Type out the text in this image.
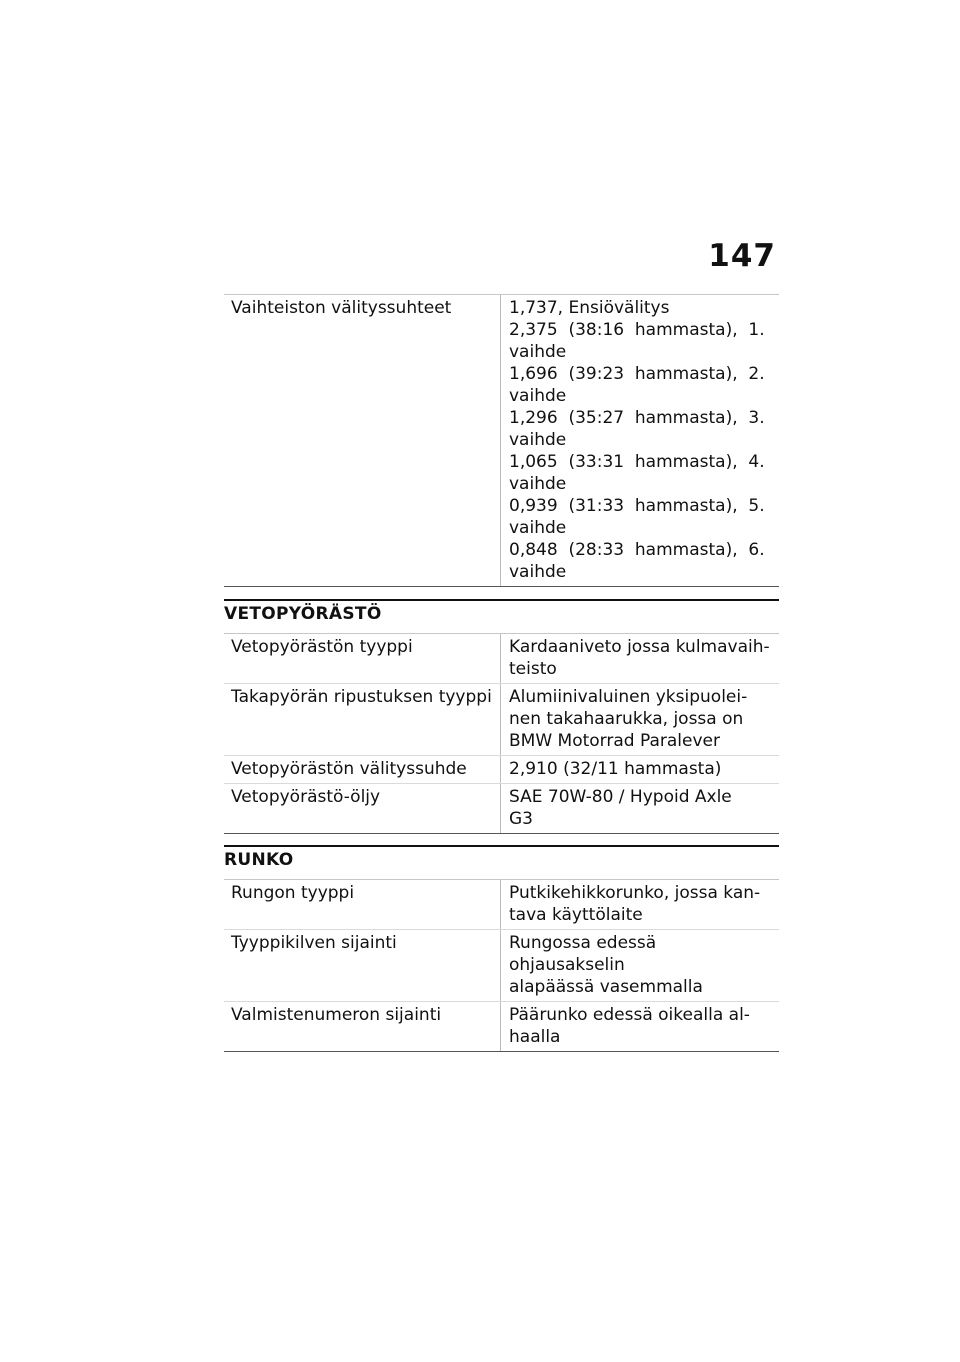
147
Vaihteiston välityssuhteet	1,737, Ensiövälitys
2,375  (38:16  hammasta),  1.
vaihde
1,696  (39:23  hammasta),  2.
vaihde
1,296  (35:27  hammasta),  3.
vaihde
1,065  (33:31  hammasta),  4.
vaihde
0,939  (31:33  hammasta),  5.
vaihde
0,848  (28:33  hammasta),  6.
vaihde
VETOPYÖRÄSTÖ
Vetopyörästön tyyppi	Kardaaniveto jossa kulmavaih-
teisto
Takapyörän ripustuksen tyyppi	Alumiinivaluinen yksipuolei-
nen takahaarukka, jossa on
BMW Motorrad Paralever
Vetopyörästön välityssuhde	2,910 (32/11 hammasta)
Vetopyörästö-öljy	SAE 70W-80 / Hypoid Axle
G3
RUNKO
Rungon tyyppi	Putkikehikkorunko, jossa kan-
tava käyttölaite
Tyyppikilven sijainti	Rungossa edessä ohjausakselin
alapäässä vasemmalla
Valmistenumeron sijainti	Päärunko edessä oikealla al-
haalla
